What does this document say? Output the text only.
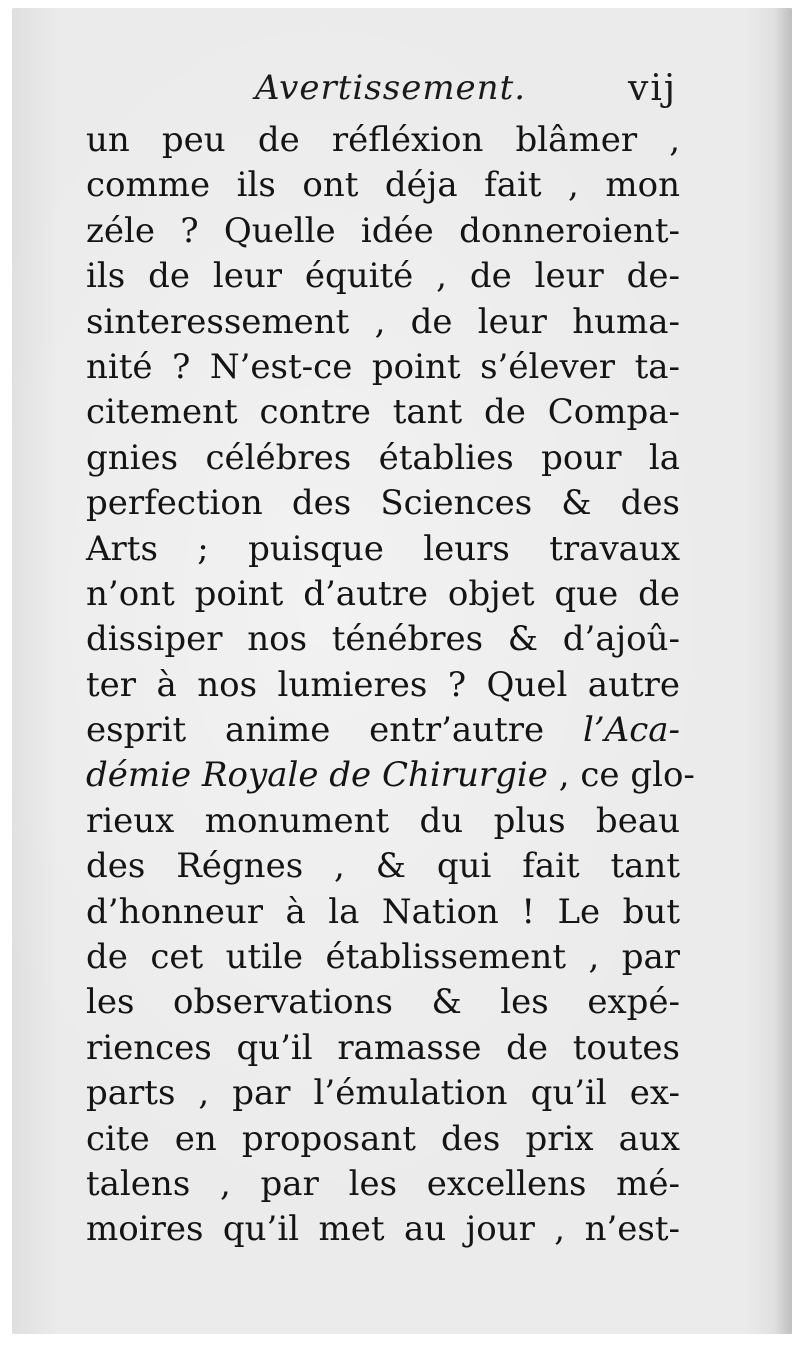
Avertissement.	vij
un peu de réfléxion blâmer ,
comme ils ont déja fait , mon
zéle ? Quelle idée donneroient-
ils de leur équité , de leur de-
sinteressement , de leur huma-
nité ? N’est-ce point s’élever ta-
citement contre tant de Compa-
gnies célébres établies pour la
perfection des Sciences & des
Arts ; puisque leurs travaux
n’ont point d’autre objet que de
dissiper nos ténébres & d’ajoû-
ter à nos lumieres ? Quel autre
esprit anime entr’autre l’Aca-
démie Royale de Chirurgie , ce glo-
rieux monument du plus beau
des Régnes , & qui fait tant
d’honneur à la Nation ! Le but
de cet utile établissement , par
les observations & les expé-
riences qu’il ramasse de toutes
parts , par l’émulation qu’il ex-
cite en proposant des prix aux
talens , par les excellens mé-
moires qu’il met au jour , n’est-
